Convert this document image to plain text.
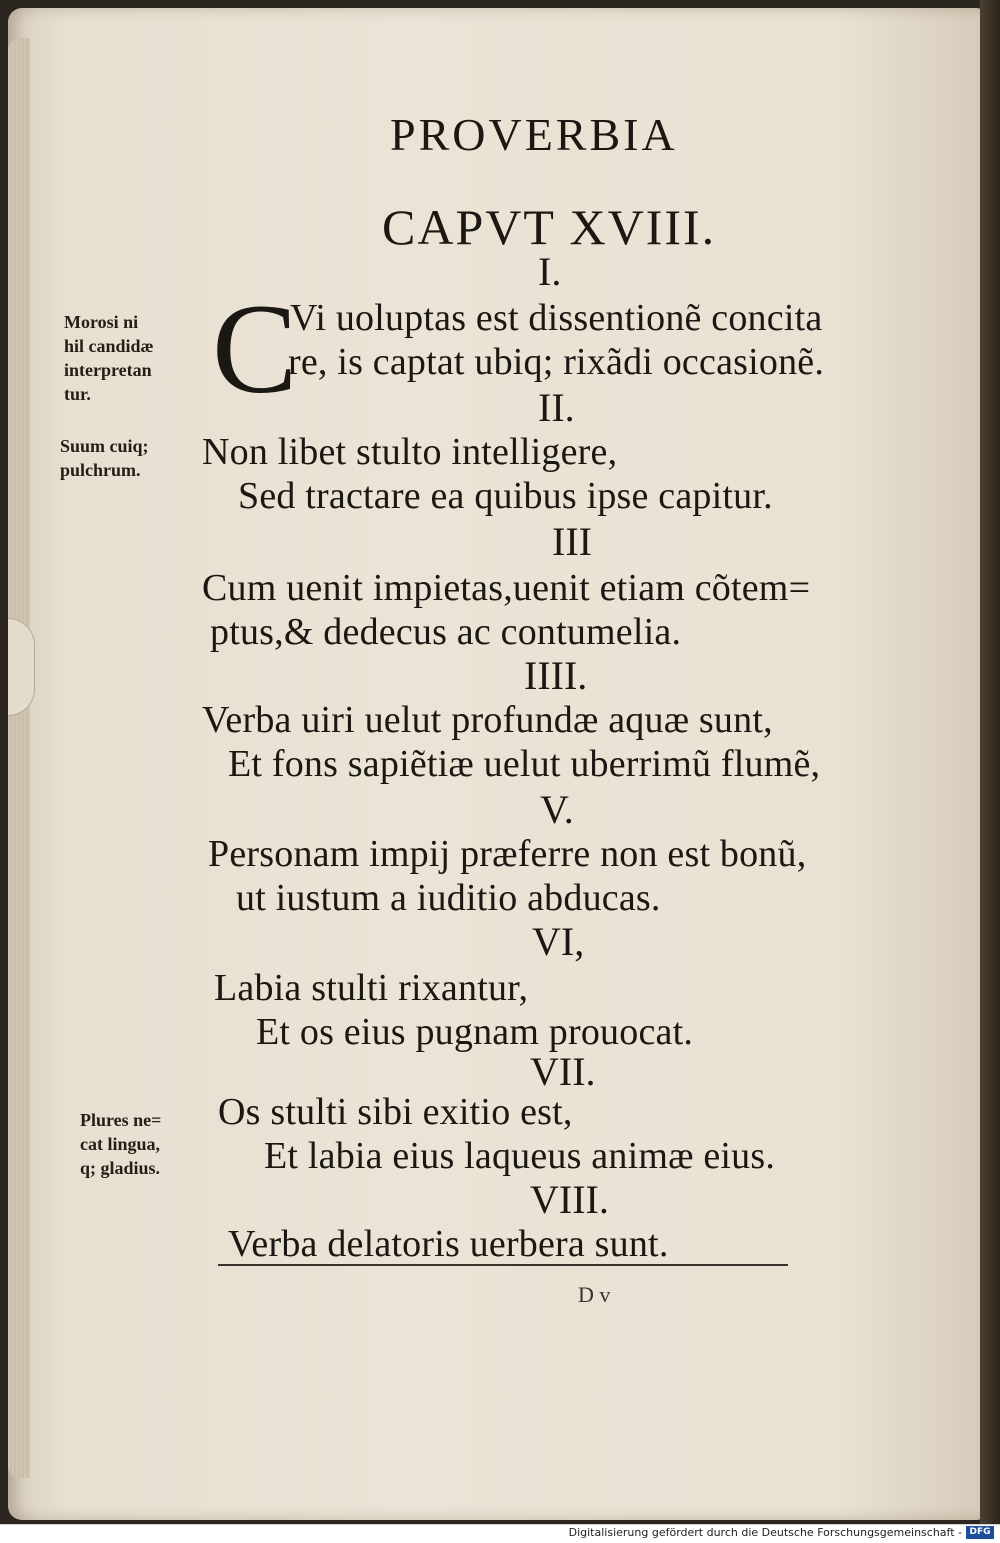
PROVERBIA
CAPVT XVIII.
I.
C
Vi uoluptas est dissentionẽ concita
re, is captat ubiq; rixãdi occasionẽ.
II.
Non libet stulto intelligere,
Sed tractare ea quibus ipse capitur.
III
Cum uenit impietas,uenit etiam cõtem=
ptus,& dedecus ac contumelia.
IIII.
Verba uiri uelut profundæ aquæ sunt,
Et fons sapiẽtiæ uelut uberrimũ flumẽ,
V.
Personam impij præferre non est bonũ,
ut iustum a iuditio abducas.
VI,
Labia stulti rixantur,
Et os eius pugnam prouocat.
VII.
Os stulti sibi exitio est,
Et labia eius laqueus animæ eius.
VIII.
Verba delatoris uerbera sunt.
D v
Morosi ni
hil candidæ
interpretan
tur.
Suum cuiq;
pulchrum.
Plures ne=
cat lingua,
q; gladius.
Digitalisierung gefördert durch die Deutsche Forschungsgemeinschaft - DFG
